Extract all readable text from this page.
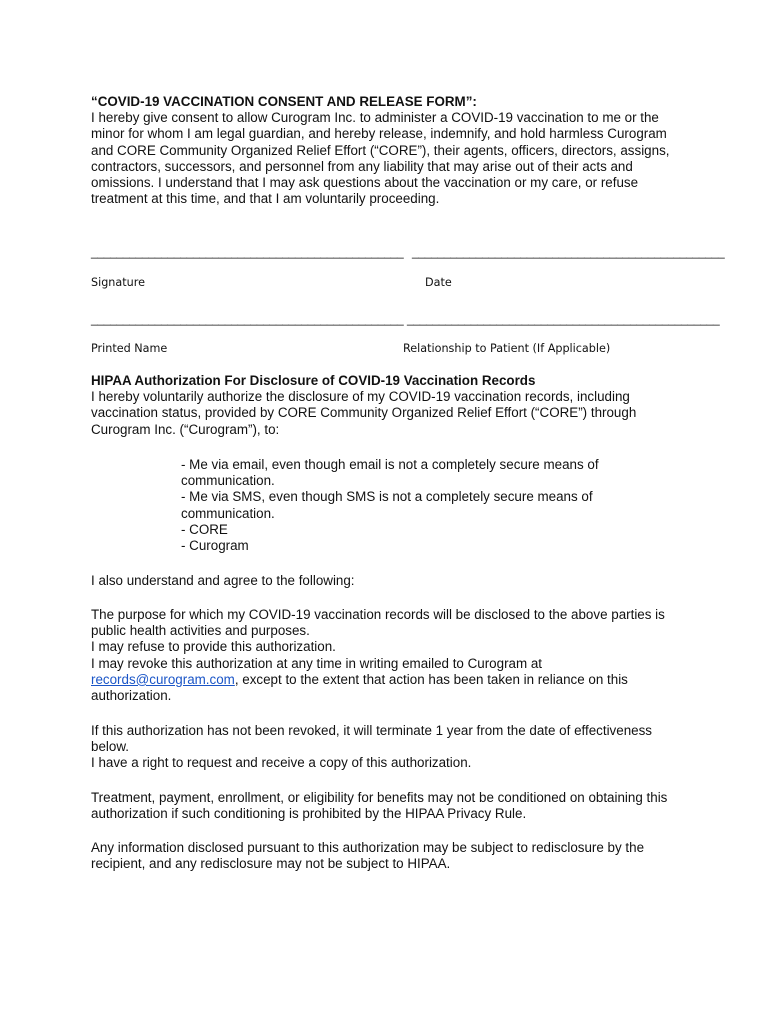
“COVID-19 VACCINATION CONSENT AND RELEASE FORM”:

I hereby give consent to allow Curogram Inc. to administer a COVID-19 vaccination to me or the minor for whom I am legal guardian, and hereby release, indemnify, and hold harmless Curogram and CORE Community Organized Relief Effort (“CORE”), their agents, officers, directors, assigns, contractors, successors, and personnel from any liability that may arise out of their acts and omissions. I understand that I may ask questions about the vaccination or my care, or refuse treatment at this time, and that I am voluntarily proceeding.

_________________________________________________ _________________________________________________
Signature	Date
_________________________________________________ _________________________________________________
Printed Name	Relationship to Patient (If Applicable)

HIPAA Authorization For Disclosure of COVID-19 Vaccination Records

I hereby voluntarily authorize the disclosure of my COVID-19 vaccination records, including vaccination status, provided by CORE Community Organized Relief Effort (“CORE”) through Curogram Inc. (“Curogram”), to:

- Me via email, even though email is not a completely secure means of communication.

- Me via SMS, even though SMS is not a completely secure means of communication.

- CORE

- Curogram

I also understand and agree to the following:

The purpose for which my COVID-19 vaccination records will be disclosed to the above parties is public health activities and purposes.

I may refuse to provide this authorization.

I may revoke this authorization at any time in writing emailed to Curogram at
records@curogram.com, except to the extent that action has been taken in reliance on this authorization.

If this authorization has not been revoked, it will terminate 1 year from the date of effectiveness below.

I have a right to request and receive a copy of this authorization.

Treatment, payment, enrollment, or eligibility for benefits may not be conditioned on obtaining this authorization if such conditioning is prohibited by the HIPAA Privacy Rule.
Any information disclosed pursuant to this authorization may be subject to redisclosure by the recipient, and any redisclosure may not be subject to HIPAA.
